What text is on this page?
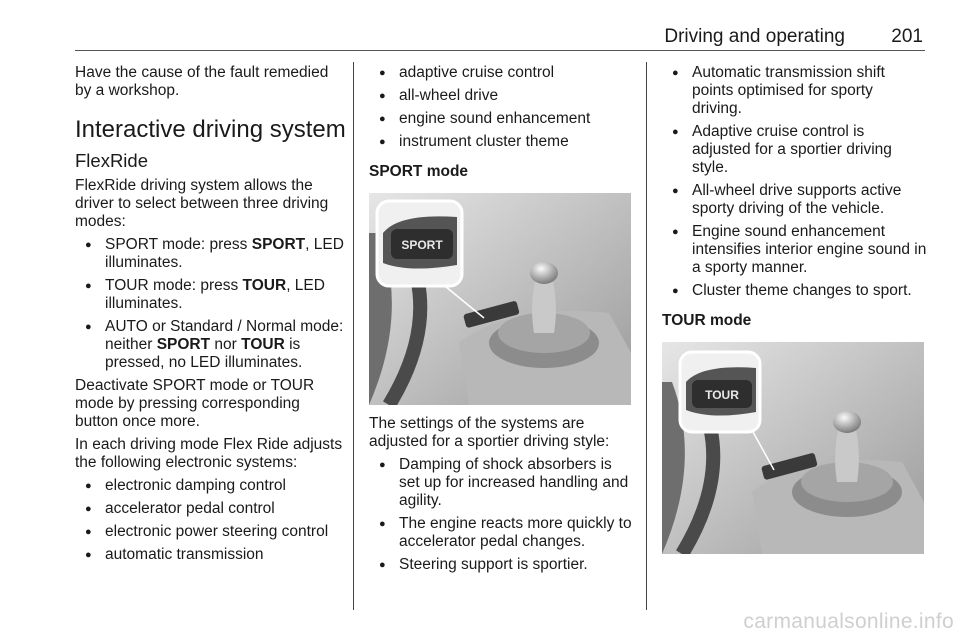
Driving and operating 201

Have the cause of the fault remedied by a workshop.

Interactive driving system
FlexRide

FlexRide driving system allows the driver to select between three driving modes:

● SPORT mode: press SPORT, LED illuminates.
● TOUR mode: press TOUR, LED illuminates.
● AUTO or Standard / Normal mode: neither SPORT nor TOUR is pressed, no LED illuminates.

Deactivate SPORT mode or TOUR mode by pressing corresponding button once more.

In each driving mode Flex Ride adjusts the following electronic systems:

● electronic damping control
● accelerator pedal control
● electronic power steering control
● automatic transmission
● adaptive cruise control
● all-wheel drive
● engine sound enhancement
● instrument cluster theme
SPORT mode
SPORT

The settings of the systems are adjusted for a sportier driving style:

● Damping of shock absorbers is set up for increased handling and agility.
● The engine reacts more quickly to accelerator pedal changes.
● Steering support is sportier.
● Automatic transmission shift points optimised for sporty driving.
● Adaptive cruise control is adjusted for a sportier driving style.
● All-wheel drive supports active sporty driving of the vehicle.
● Engine sound enhancement intensifies interior engine sound in a sporty manner.
● Cluster theme changes to sport.
TOUR mode
TOUR
carmanualsonline.info
